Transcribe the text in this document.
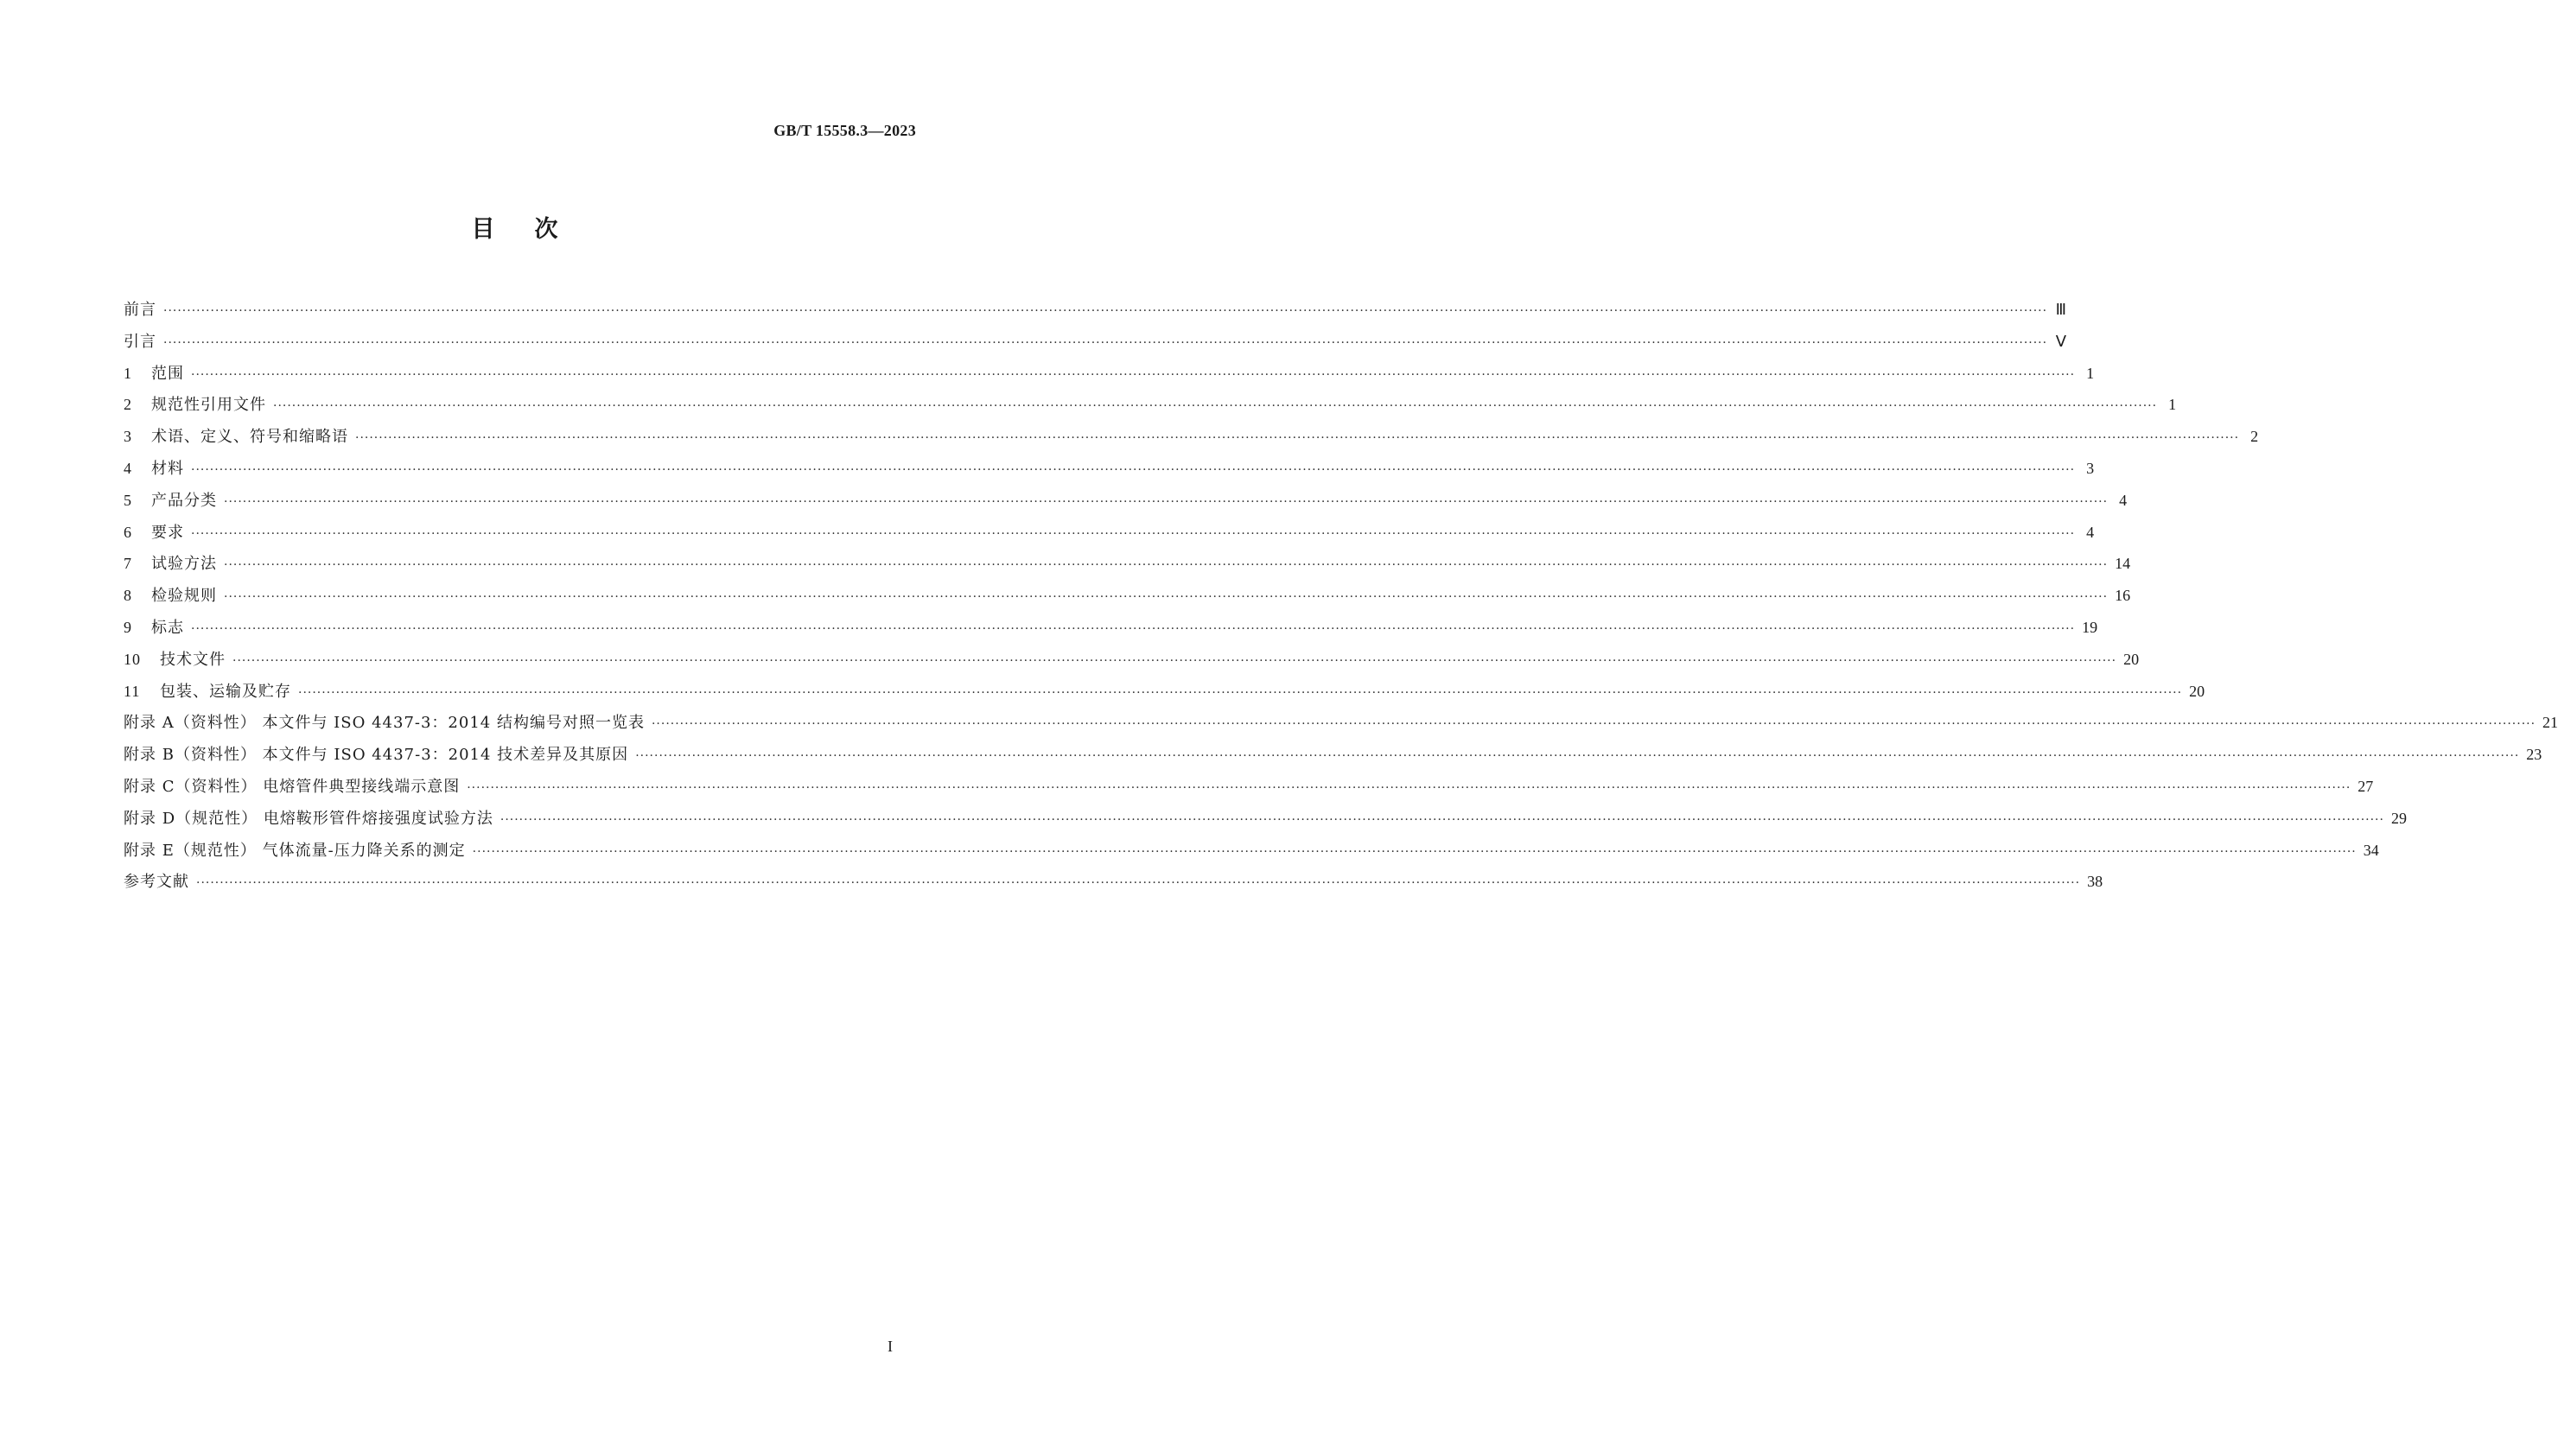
GB/T 15558.3—2023
目次
前言 ················································································································································································································································································································································································································ Ⅲ
引言 ················································································································································································································································································································································································································ Ⅴ
1 范围 ················································································································································································································································································································································································································ 1
2 规范性引用文件 ················································································································································································································································································································································································································ 1
3 术语、定义、符号和缩略语 ················································································································································································································································································································································································································ 2
4 材料 ················································································································································································································································································································································································································ 3
5 产品分类 ················································································································································································································································································································································································································ 4
6 要求 ················································································································································································································································································································································································································ 4
7 试验方法 ················································································································································································································································································································································································································ 14
8 检验规则 ················································································································································································································································································································································································································ 16
9 标志 ················································································································································································································································································································································································································ 19
10 技术文件 ················································································································································································································································································································································································································ 20
11 包装、运输及贮存 ················································································································································································································································································································································································································ 20
附录 A（资料性） 本文件与 ISO 4437-3：2014 结构编号对照一览表 ················································································································································································································································································································································································································ 21
附录 B（资料性） 本文件与 ISO 4437-3：2014 技术差异及其原因 ················································································································································································································································································································································································································ 23
附录 C（资料性） 电熔管件典型接线端示意图 ················································································································································································································································································································································································································ 27
附录 D（规范性） 电熔鞍形管件熔接强度试验方法 ················································································································································································································································································································································································································ 29
附录 E（规范性） 气体流量-压力降关系的测定 ················································································································································································································································································································································································································ 34
参考文献 ················································································································································································································································································································································································································ 38
I
